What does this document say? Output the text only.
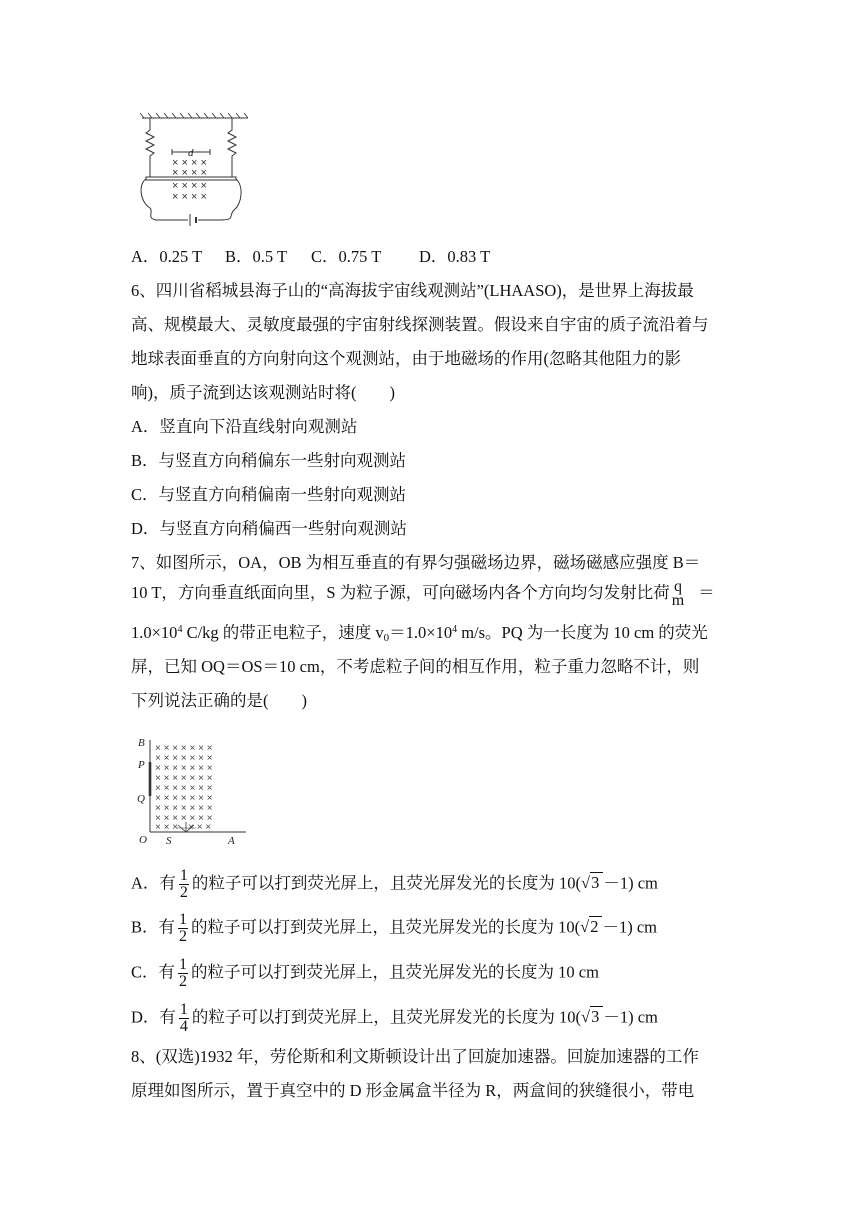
d
× × × ×
× × × ×
× × × ×
× × × ×
A．0.25 T B．0.5 T C．0.75 T D．0.83 T
6、四川省稻城县海子山的“高海拔宇宙线观测站”(LHAASO)，是世界上海拔最
高、规模最大、灵敏度最强的宇宙射线探测装置。假设来自宇宙的质子流沿着与
地球表面垂直的方向射向这个观测站，由于地磁场的作用(忽略其他阻力的影
响)，质子流到达该观测站时将(　　)
A．竖直向下沿直线射向观测站
B．与竖直方向稍偏东一些射向观测站
C．与竖直方向稍偏南一些射向观测站
D．与竖直方向稍偏西一些射向观测站
7、如图所示，OA，OB 为相互垂直的有界匀强磁场边界，磁场磁感应强度 B＝
10 T，方向垂直纸面向里，S 为粒子源，可向磁场内各个方向均匀发射比荷 q
m ＝
$1.0\times 10^4$ C/kg 的带正电粒子，速度 $v_0=1.0\times 10^4$ m/s。PQ 为一长度为 10 cm 的荧光
屏，已知 OQ＝OS＝10 cm，不考虑粒子间的相互作用，粒子重力忽略不计，则
下列说法正确的是(　　)
B
P
Q
O S	A
× × × × × × ×
× × × × × × ×
× × × × × × ×
× × × × × × ×
× × × × × × ×
× × × × × × ×
× × × × × × ×
× × × × × × ×
× × ×　× × ×
A．有 $\frac{1}{2}$ 的粒子可以打到荧光屏上，且荧光屏发光的长度为 10(√3 －1) cm
B．有 $\frac{1}{2}$ 的粒子可以打到荧光屏上，且荧光屏发光的长度为 10(√2 －1) cm
C．有 $\frac{1}{2}$ 的粒子可以打到荧光屏上，且荧光屏发光的长度为 10 cm
D．有 $\frac{1}{4}$ 的粒子可以打到荧光屏上，且荧光屏发光的长度为 10(√3 －1) cm
8、(双选)1932 年，劳伦斯和利文斯顿设计出了回旋加速器。回旋加速器的工作
原理如图所示，置于真空中的 D 形金属盒半径为 R，两盒间的狭缝很小，带电
